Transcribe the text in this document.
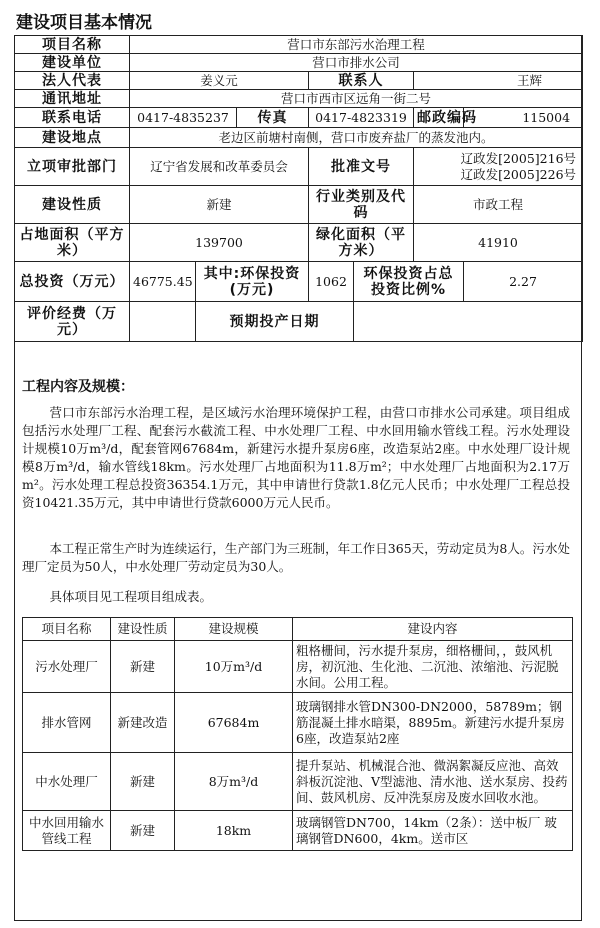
建设项目基本情况
项目名称	营口市东部污水治理工程						
建设单位	营口市排水公司						
法人代表	姜义元			联系人		王辉	
通讯地址	营口市西市区远角一街二号						
联系电话	0417-4835237		传真	0417-4823319		邮政编码	115004
建设地点	老边区前塘村南侧，营口市废弃盐厂的蒸发池内。						
立项审批部门	辽宁省发展和改革委员会			批准文号		辽政发[2005]216号
辽政发[2005]226号	

建设性质	新建			行业类别及代码		市政工程	
占地面积（平方米）	139700			绿化面积（平方米）		41910	
总投资（万元）	46775.45	其中:环保投资(万元)		1062	环保投资占总投资比例%		2.27
评价经费（万元）		预期投产日期					
工程内容及规模：

营口市东部污水治理工程，是区域污水治理环境保护工程，由营口市排水公司承建。项目组成包括污水处理厂工程、配套污水截流工程、中水处理厂工程、中水回用输水管线工程。污水处理设计规模10万m³/d，配套管网67684m，新建污水提升泵房6座，改造泵站2座。中水处理厂设计规模8万m³/d，输水管线18km。污水处理厂占地面积为11.8万m²；中水处理厂占地面积为2.17万m²。污水处理工程总投资36354.1万元，其中申请世行贷款1.8亿元人民币；中水处理厂工程总投资10421.35万元，其中申请世行贷款6000万元人民币。

本工程正常生产时为连续运行，生产部门为三班制，年工作日365天，劳动定员为8人。污水处理厂定员为50人，中水处理厂劳动定员为30人。

具体项目见工程项目组成表。

项目名称	建设性质	建设规模	建设内容
污水处理厂	新建	10万m³/d	粗格栅间，污水提升泵房，细格栅间，，鼓风机房，初沉池、生化池、二沉池、浓缩池、污泥脱水间。公用工程。
排水管网	新建改造	67684m	玻璃钢排水管DN300-DN2000，58789m；钢筋混凝土排水暗渠，8895m。新建污水提升泵房6座，改造泵站2座
中水处理厂	新建	8万m³/d	提升泵站、机械混合池、微涡絮凝反应池、高效斜板沉淀池、V型滤池、清水池、送水泵房、投药间、鼓风机房、反冲洗泵房及废水回收水池。
中水回用输水管线工程	新建	18km	玻璃钢管DN700，14km（2条）：送中板厂 玻璃钢管DN600，4km。送市区
